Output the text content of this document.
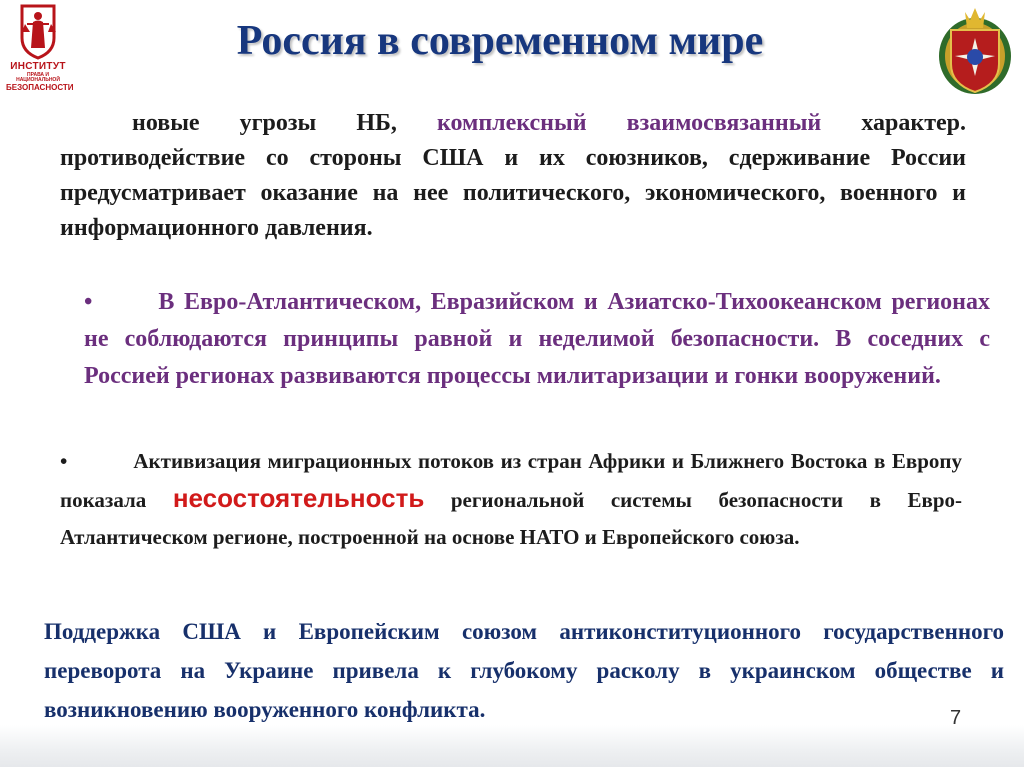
ИНСТИТУТ
ПРАВА И НАЦИОНАЛЬНОЙ
БЕЗОПАСНОСТИ
Россия в современном мире

новые угрозы НБ, комплексный взаимосвязанный характер. противодействие со стороны США и их союзников, сдерживание России предусматривает оказание на нее политического, экономического, военного и информационного давления.

•	В Евро-Атлантическом, Евразийском и Азиатско-Тихоокеанском регионах не соблюдаются принципы равной и неделимой безопасности. В соседних с Россией регионах развиваются процессы милитаризации и гонки вооружений.

•	Активизация миграционных потоков из стран Африки и Ближнего Востока в Европу показала несостоятельность региональной системы безопасности в Евро-Атлантическом регионе, построенной на основе НАТО и Европейского союза.

Поддержка США и Европейским союзом антиконституционного государственного переворота на Украине привела к глубокому расколу в украинском обществе и возникновению вооруженного конфликта.	7
